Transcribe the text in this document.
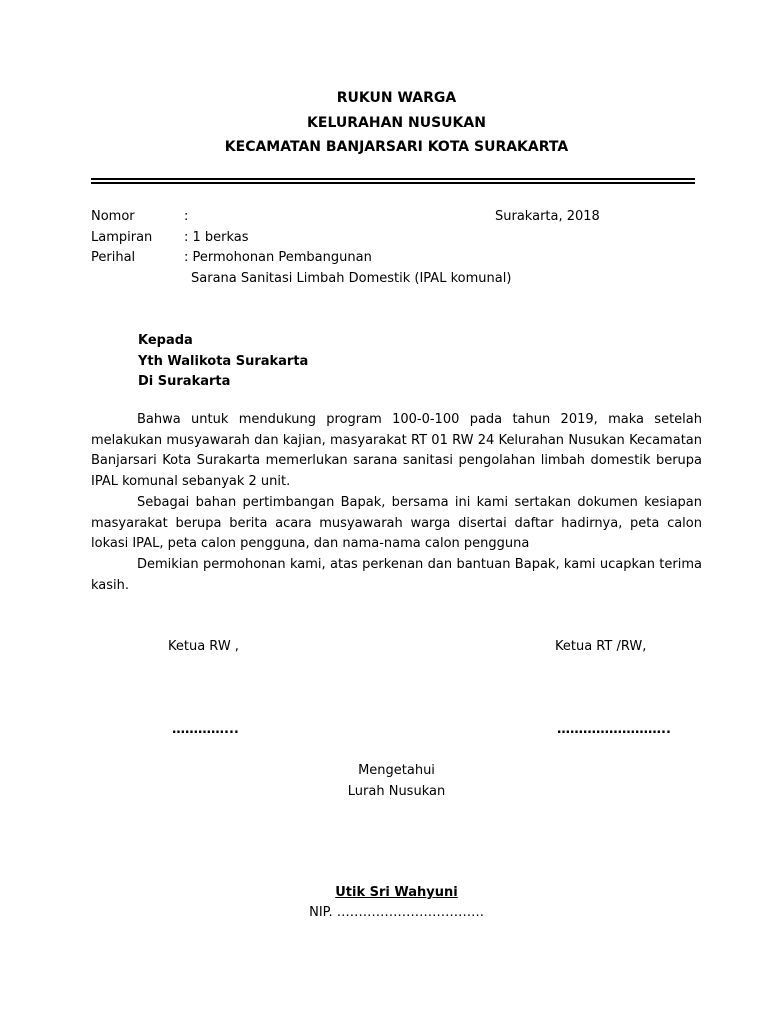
RUKUN WARGA
KELURAHAN NUSUKAN
KECAMATAN BANJARSARI KOTA SURAKARTA
Nomor	:	Surakarta, 2018
Lampiran : 1 berkas
Perihal	: Permohonan Pembangunan
Sarana Sanitasi Limbah Domestik (IPAL komunal)
Kepada
Yth Walikota Surakarta
Di Surakarta
Bahwa untuk mendukung program 100-0-100 pada tahun 2019, maka setelah melakukan musyawarah dan kajian, masyarakat RT 01 RW 24 Kelurahan Nusukan Kecamatan Banjarsari Kota Surakarta memerlukan sarana sanitasi pengolahan limbah domestik berupa IPAL komunal sebanyak 2 unit.
Sebagai bahan pertimbangan Bapak, bersama ini kami sertakan dokumen kesiapan masyarakat berupa berita acara musyawarah warga disertai daftar hadirnya, peta calon lokasi IPAL, peta calon pengguna, dan nama-nama calon pengguna
Demikian permohonan kami, atas perkenan dan bantuan Bapak, kami ucapkan terima kasih.
Ketua RW ,	Ketua RT /RW,
…………...	……………………..
Mengetahui
Lurah Nusukan
Utik Sri Wahyuni
NIP. …………………………….
